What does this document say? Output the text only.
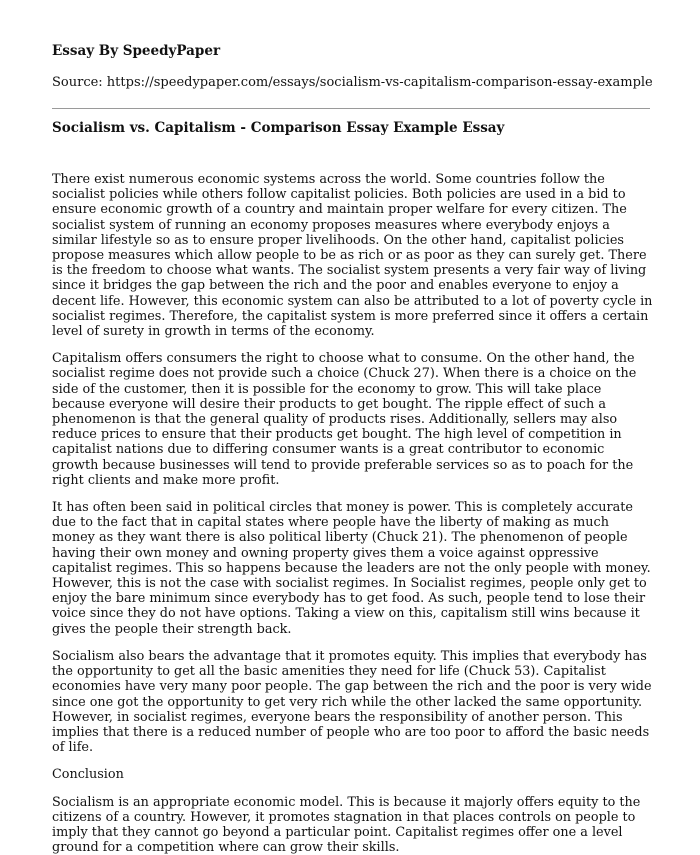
Essay By SpeedyPaper
Source: https://speedypaper.com/essays/socialism-vs-capitalism-comparison-essay-example
Socialism vs. Capitalism - Comparison Essay Example Essay

There exist numerous economic systems across the world. Some countries follow the socialist policies while others follow capitalist policies. Both policies are used in a bid to ensure economic growth of a country and maintain proper welfare for every citizen. The socialist system of running an economy proposes measures where everybody enjoys a similar lifestyle so as to ensure proper livelihoods. On the other hand, capitalist policies propose measures which allow people to be as rich or as poor as they can surely get. There is the freedom to choose what wants. The socialist system presents a very fair way of living since it bridges the gap between the rich and the poor and enables everyone to enjoy a decent life. However, this economic system can also be attributed to a lot of poverty cycle in socialist regimes. Therefore, the capitalist system is more preferred since it offers a certain level of surety in growth in terms of the economy.

Capitalism offers consumers the right to choose what to consume. On the other hand, the socialist regime does not provide such a choice (Chuck 27). When there is a choice on the side of the customer, then it is possible for the economy to grow. This will take place because everyone will desire their products to get bought. The ripple effect of such a phenomenon is that the general quality of products rises. Additionally, sellers may also reduce prices to ensure that their products get bought. The high level of competition in capitalist nations due to differing consumer wants is a great contributor to economic growth because businesses will tend to provide preferable services so as to poach for the right clients and make more profit.

It has often been said in political circles that money is power. This is completely accurate due to the fact that in capital states where people have the liberty of making as much money as they want there is also political liberty (Chuck 21). The phenomenon of people having their own money and owning property gives them a voice against oppressive capitalist regimes. This so happens because the leaders are not the only people with money. However, this is not the case with socialist regimes. In Socialist regimes, people only get to enjoy the bare minimum since everybody has to get food. As such, people tend to lose their voice since they do not have options. Taking a view on this, capitalism still wins because it gives the people their strength back.

Socialism also bears the advantage that it promotes equity. This implies that everybody has the opportunity to get all the basic amenities they need for life (Chuck 53). Capitalist economies have very many poor people. The gap between the rich and the poor is very wide since one got the opportunity to get very rich while the other lacked the same opportunity. However, in socialist regimes, everyone bears the responsibility of another person. This implies that there is a reduced number of people who are too poor to afford the basic needs of life.

Conclusion

Socialism is an appropriate economic model. This is because it majorly offers equity to the citizens of a country. However, it promotes stagnation in that places controls on people to imply that they cannot go beyond a particular point. Capitalist regimes offer one a level ground for a competition where can grow their skills.
